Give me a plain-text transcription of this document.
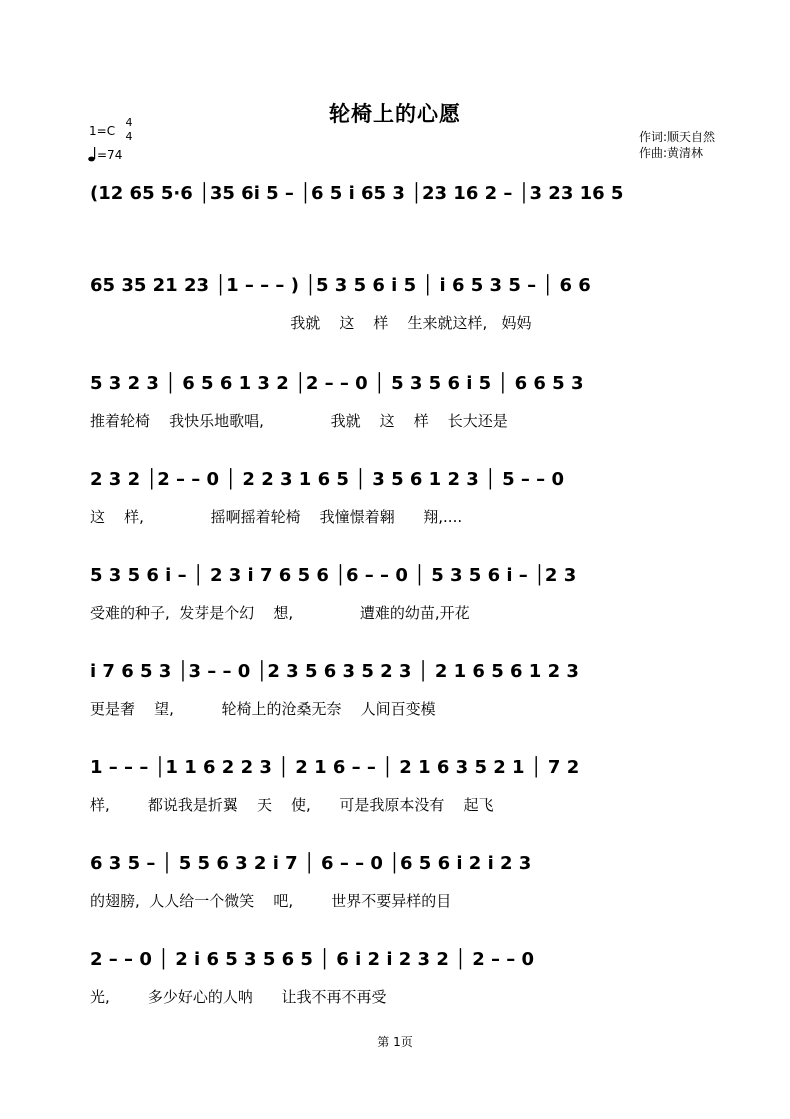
轮椅上的心愿
1=C
4
4
=74
作词:顺天自然
作曲:黄清林
(12 65 5·6 │35 6i 5 – │6 5 i 65 3 │23 16 2 – │3 23 16 5
65 35 21 23 │1 – – – ) │5 3 5 6 i 5 │ i 6 5 3 5 – │ 6 6
我就    这    样    生来就这样,   妈妈
5 3 2 3 │ 6 5 6 1 3 2 │2 – – 0 │ 5 3 5 6 i 5 │ 6 6 5 3
推着轮椅    我快乐地歌唱,              我就    这    样    长大还是
2 3 2 │2 – – 0 │ 2 2 3 1 6 5 │ 3 5 6 1 2 3 │ 5 – – 0
这    样,              摇啊摇着轮椅    我憧憬着翱      翔,....
5 3 5 6 i – │ 2 3 i 7 6 5 6 │6 – – 0 │ 5 3 5 6 i – │2 3
受难的种子,  发芽是个幻    想,              遭难的幼苗,开花
i 7 6 5 3 │3 – – 0 │2 3 5 6 3 5 2 3 │ 2 1 6 5 6 1 2 3
更是奢    望,          轮椅上的沧桑无奈    人间百变模
1 – – – │1 1 6 2 2 3 │ 2 1 6 – – │ 2 1 6 3 5 2 1 │ 7 2
样,        都说我是折翼    天    使,      可是我原本没有    起飞
6 3 5 – │ 5 5 6 3 2 i 7 │ 6 – – 0 │6 5 6 i 2 i 2 3
的翅膀,  人人给一个微笑    吧,        世界不要异样的目
2 – – 0 │ 2 i 6 5 3 5 6 5 │ 6 i 2 i 2 3 2 │ 2 – – 0
光,        多少好心的人呐      让我不再不再受
第 1页
